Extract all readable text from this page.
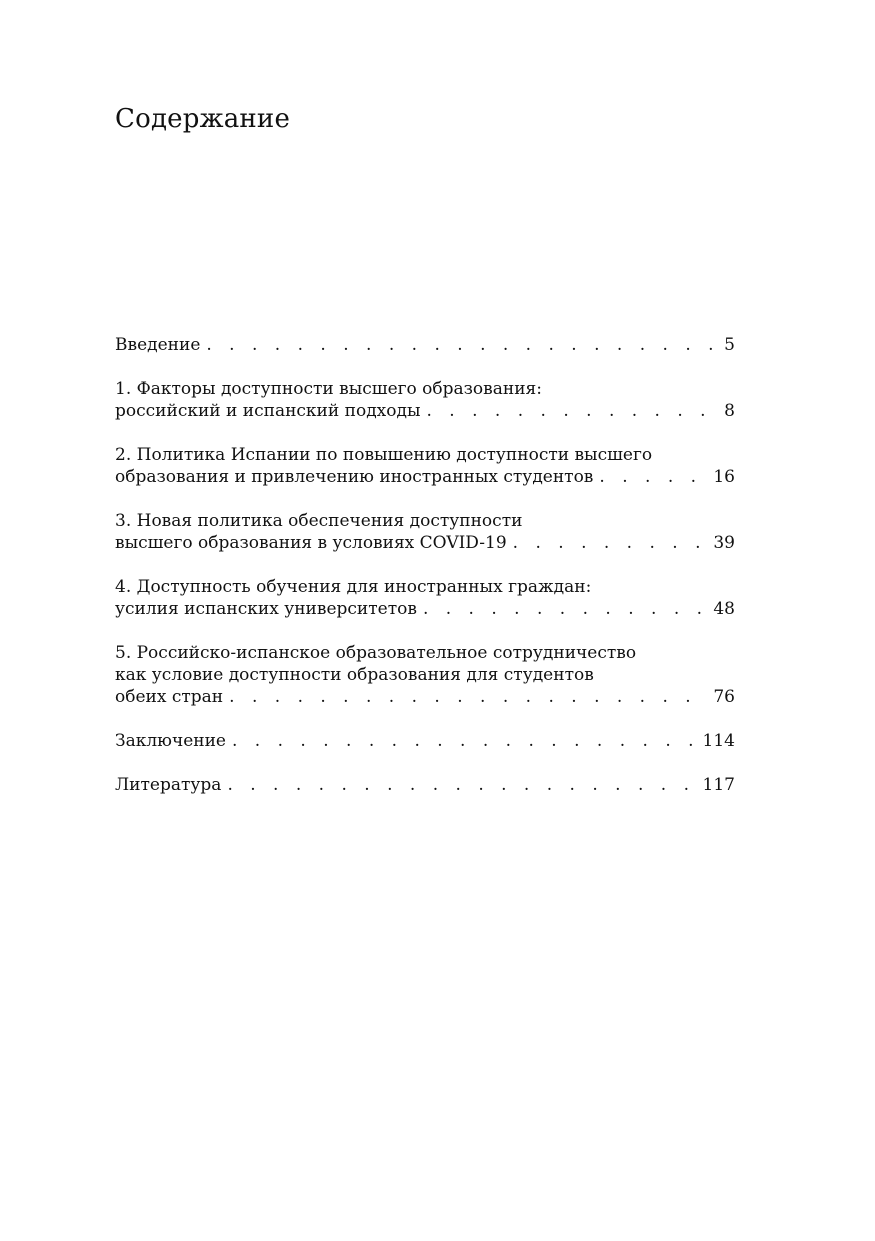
Содержание
Введение . . .	5
1. Факторы доступности высшего образования:
российский и испанский подходы . . .	8
2. Политика Испании по повышению доступности высшего
образования и привлечению иностранных студентов . . .	16
3. Новая политика обеспечения доступности
высшего образования в условиях COVID-19 . . .	39
4. Доступность обучения для иностранных граждан:
усилия испанских университетов . . .	48
5. Российско-испанское образовательное сотрудничество
как условие доступности образования для студентов
обеих стран . . .	76
Заключение . . .	114
Литература . . .	117
